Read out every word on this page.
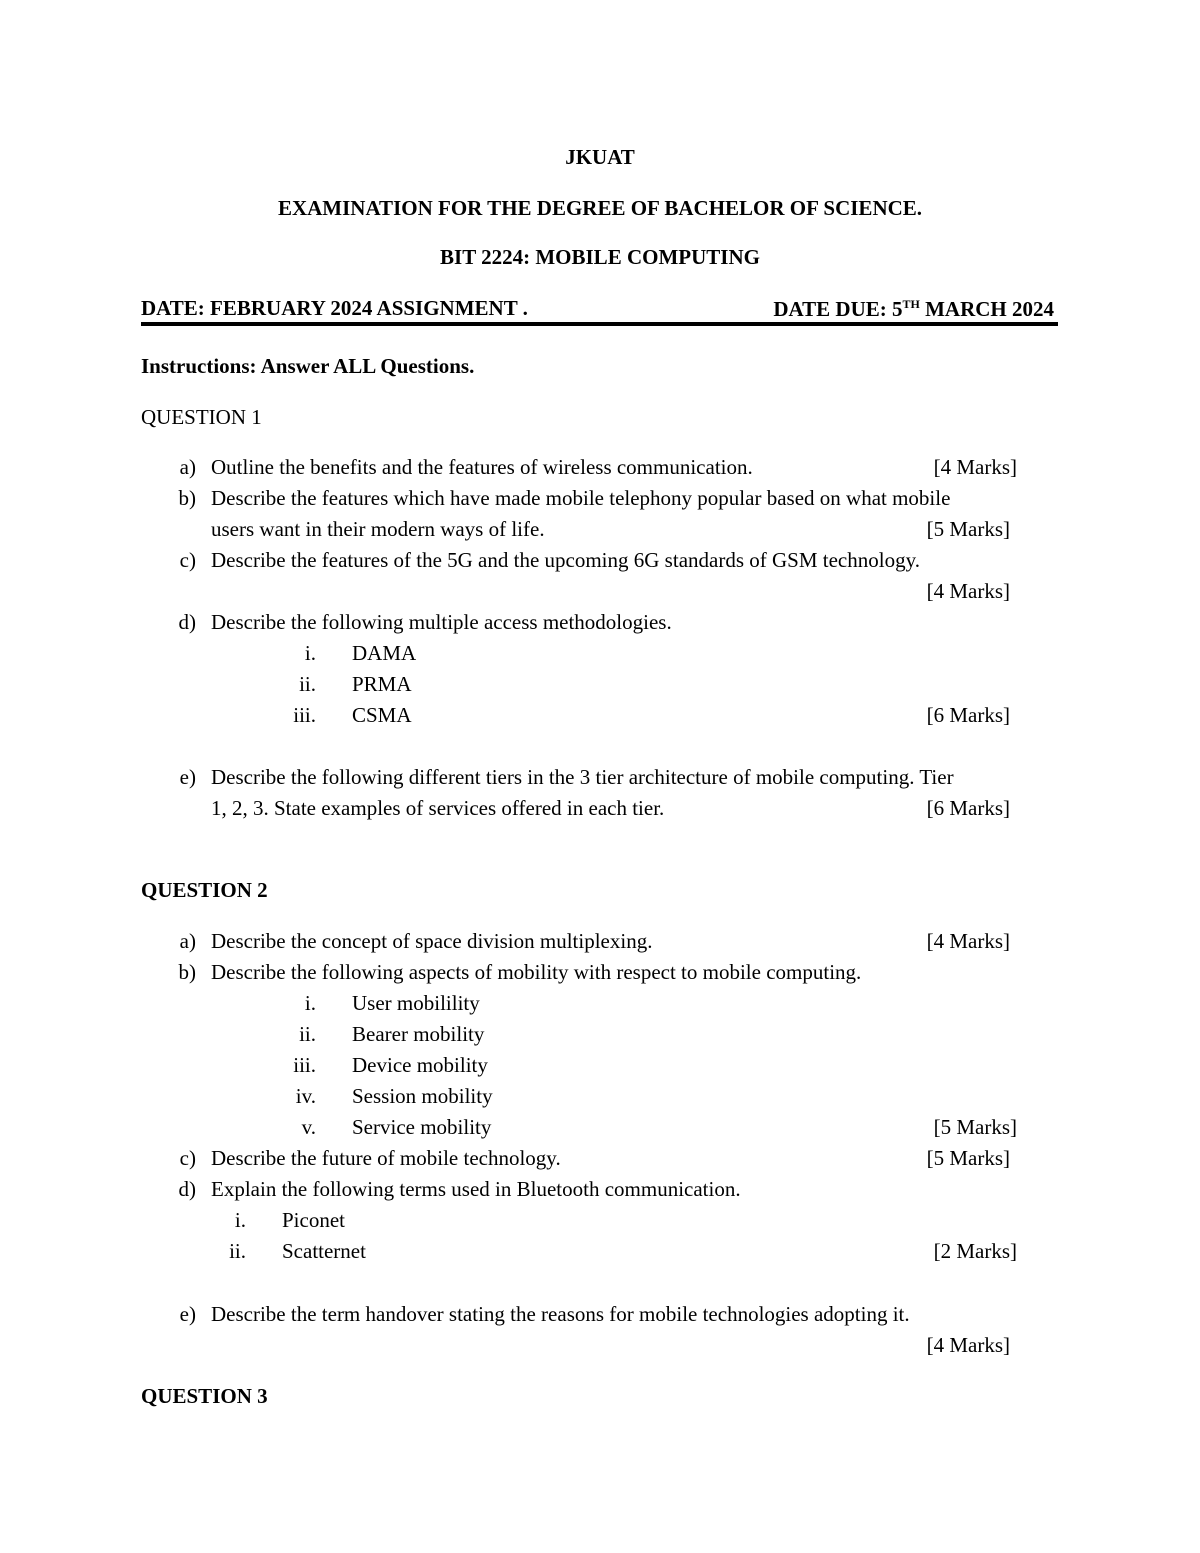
JKUAT
EXAMINATION FOR THE DEGREE OF BACHELOR OF SCIENCE.
BIT 2224: MOBILE COMPUTING
DATE: FEBRUARY 2024 ASSIGNMENT .	DATE DUE: 5TH MARCH 2024
Instructions: Answer ALL Questions.
QUESTION 1
a) Outline the benefits and the features of wireless communication.	[4 Marks]
b) Describe the features which have made mobile telephony popular based on what mobile
users want in their modern ways of life.	[5 Marks]
c) Describe the features of the 5G and the upcoming 6G standards of GSM technology.
[4 Marks]
d) Describe the following multiple access methodologies.
i. DAMA
ii. PRMA
iii. CSMA	[6 Marks]
e) Describe the following different tiers in the 3 tier architecture of mobile computing. Tier
1, 2, 3. State examples of services offered in each tier.	[6 Marks]
QUESTION 2
a) Describe the concept of space division multiplexing.	[4 Marks]
b) Describe the following aspects of mobility with respect to mobile computing.
i. User mobilility
ii. Bearer mobility
iii. Device mobility
iv. Session mobility
v. Service mobility	[5 Marks]
c) Describe the future of mobile technology.	[5 Marks]
d) Explain the following terms used in Bluetooth communication.
i. Piconet
ii. Scatternet	[2 Marks]
e) Describe the term handover stating the reasons for mobile technologies adopting it.
[4 Marks]
QUESTION 3
